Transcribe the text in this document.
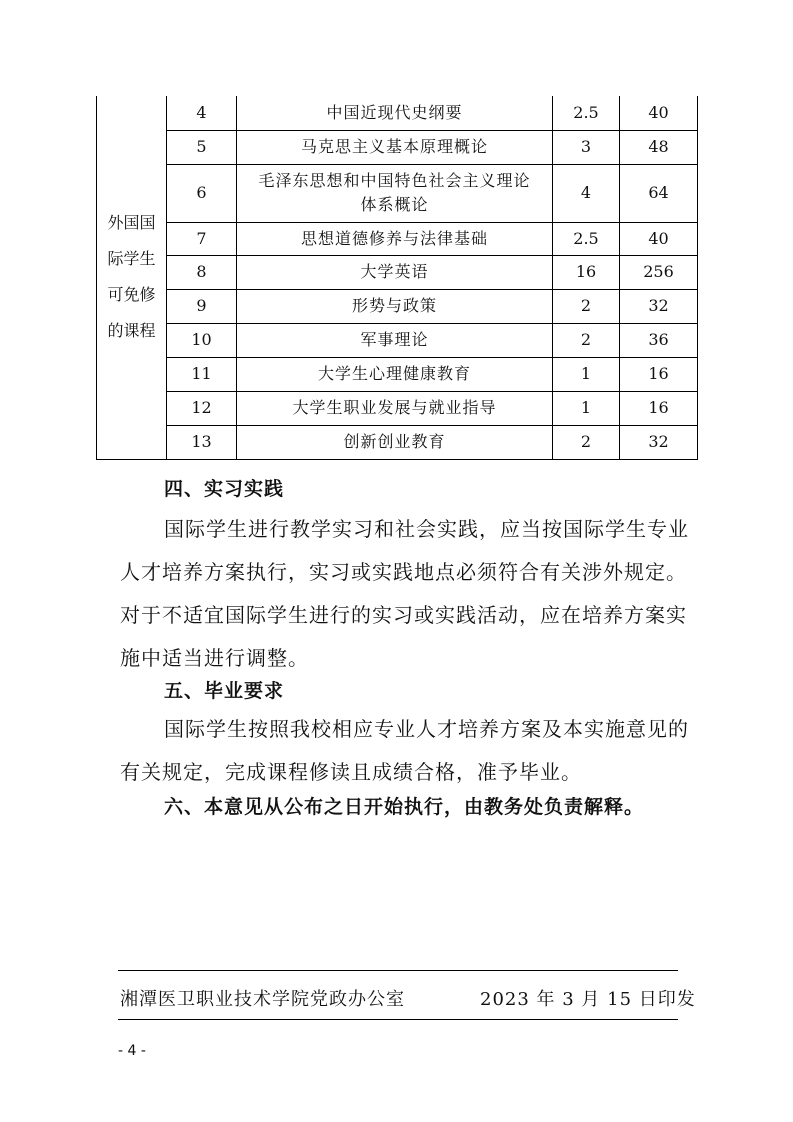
外国国际学生可免修的课程	4	中国近现代史纲要	2.5	40
	5	马克思主义基本原理概论	3	48
	6	毛泽东思想和中国特色社会主义理论体系概论	4	64
	7	思想道德修养与法律基础	2.5	40
	8	大学英语	16	256
	9	形势与政策	2	32
	10	军事理论	2	36
	11	大学生心理健康教育	1	16
	12	大学生职业发展与就业指导	1	16
	13	创新创业教育	2	32
四、实习实践

国际学生进行教学实习和社会实践，应当按国际学生专业人才培养方案执行，实习或实践地点必须符合有关涉外规定。对于不适宜国际学生进行的实习或实践活动，应在培养方案实施中适当进行调整。

五、毕业要求

国际学生按照我校相应专业人才培养方案及本实施意见的有关规定，完成课程修读且成绩合格，准予毕业。

六、本意见从公布之日开始执行，由教务处负责解释。
湘潭医卫职业技术学院党政办公室	2023 年 3 月 15 日印发
- 4 -
